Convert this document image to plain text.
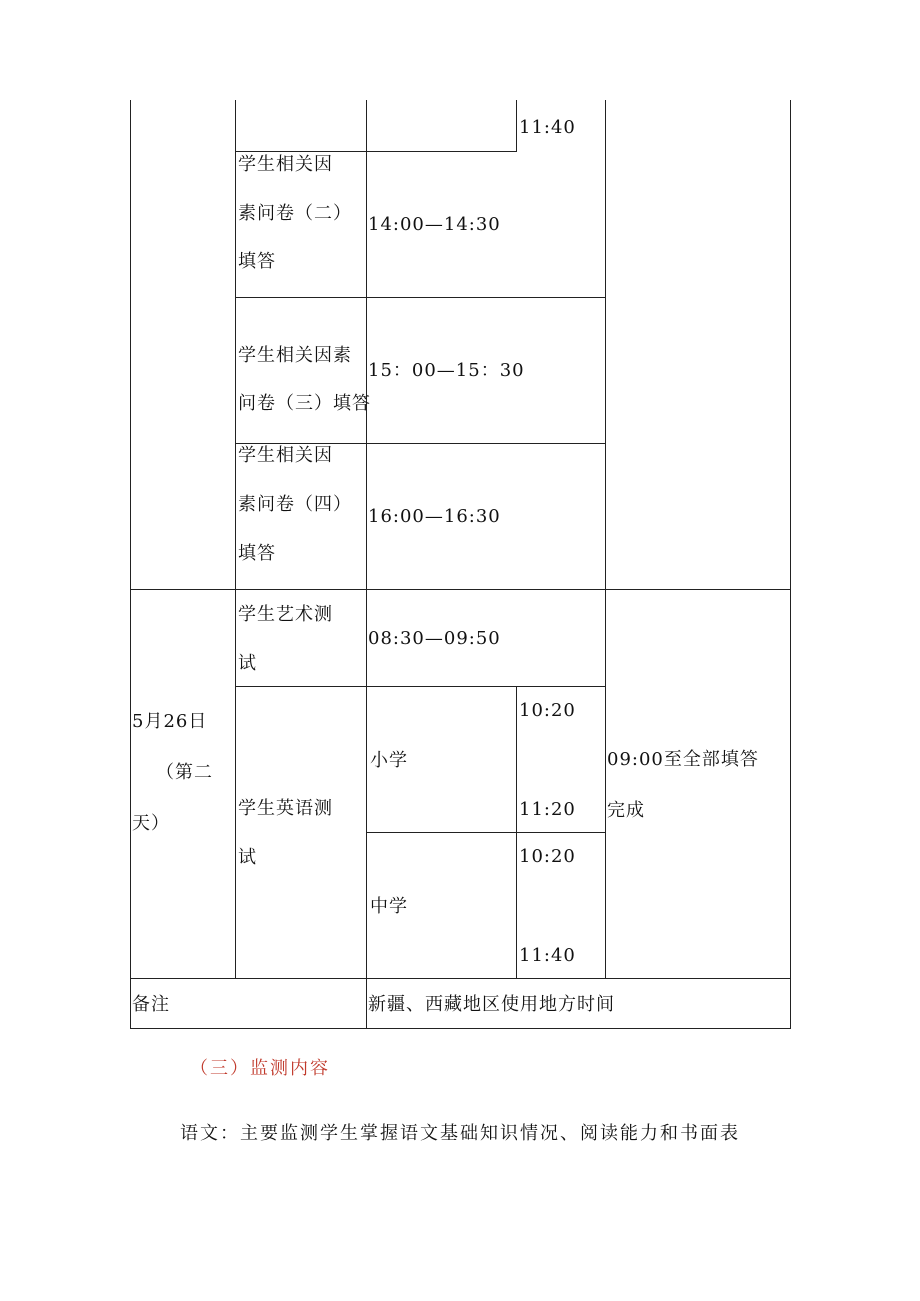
11:40
学生相关因
素问卷（二）
填答
14:00—14:30
学生相关因素
问卷（三）填答
15：00—15：30
学生相关因
素问卷（四）
填答
16:00—16:30
5月26日
（第二
天）
学生艺术测
试
08:30—09:50
学生英语测
试
小学
10:20
11:20
中学
10:20
11:40
09:00至全部填答
完成
备注	新疆、西藏地区使用地方时间
（三）监测内容
语文：主要监测学生掌握语文基础知识情况、阅读能力和书面表
